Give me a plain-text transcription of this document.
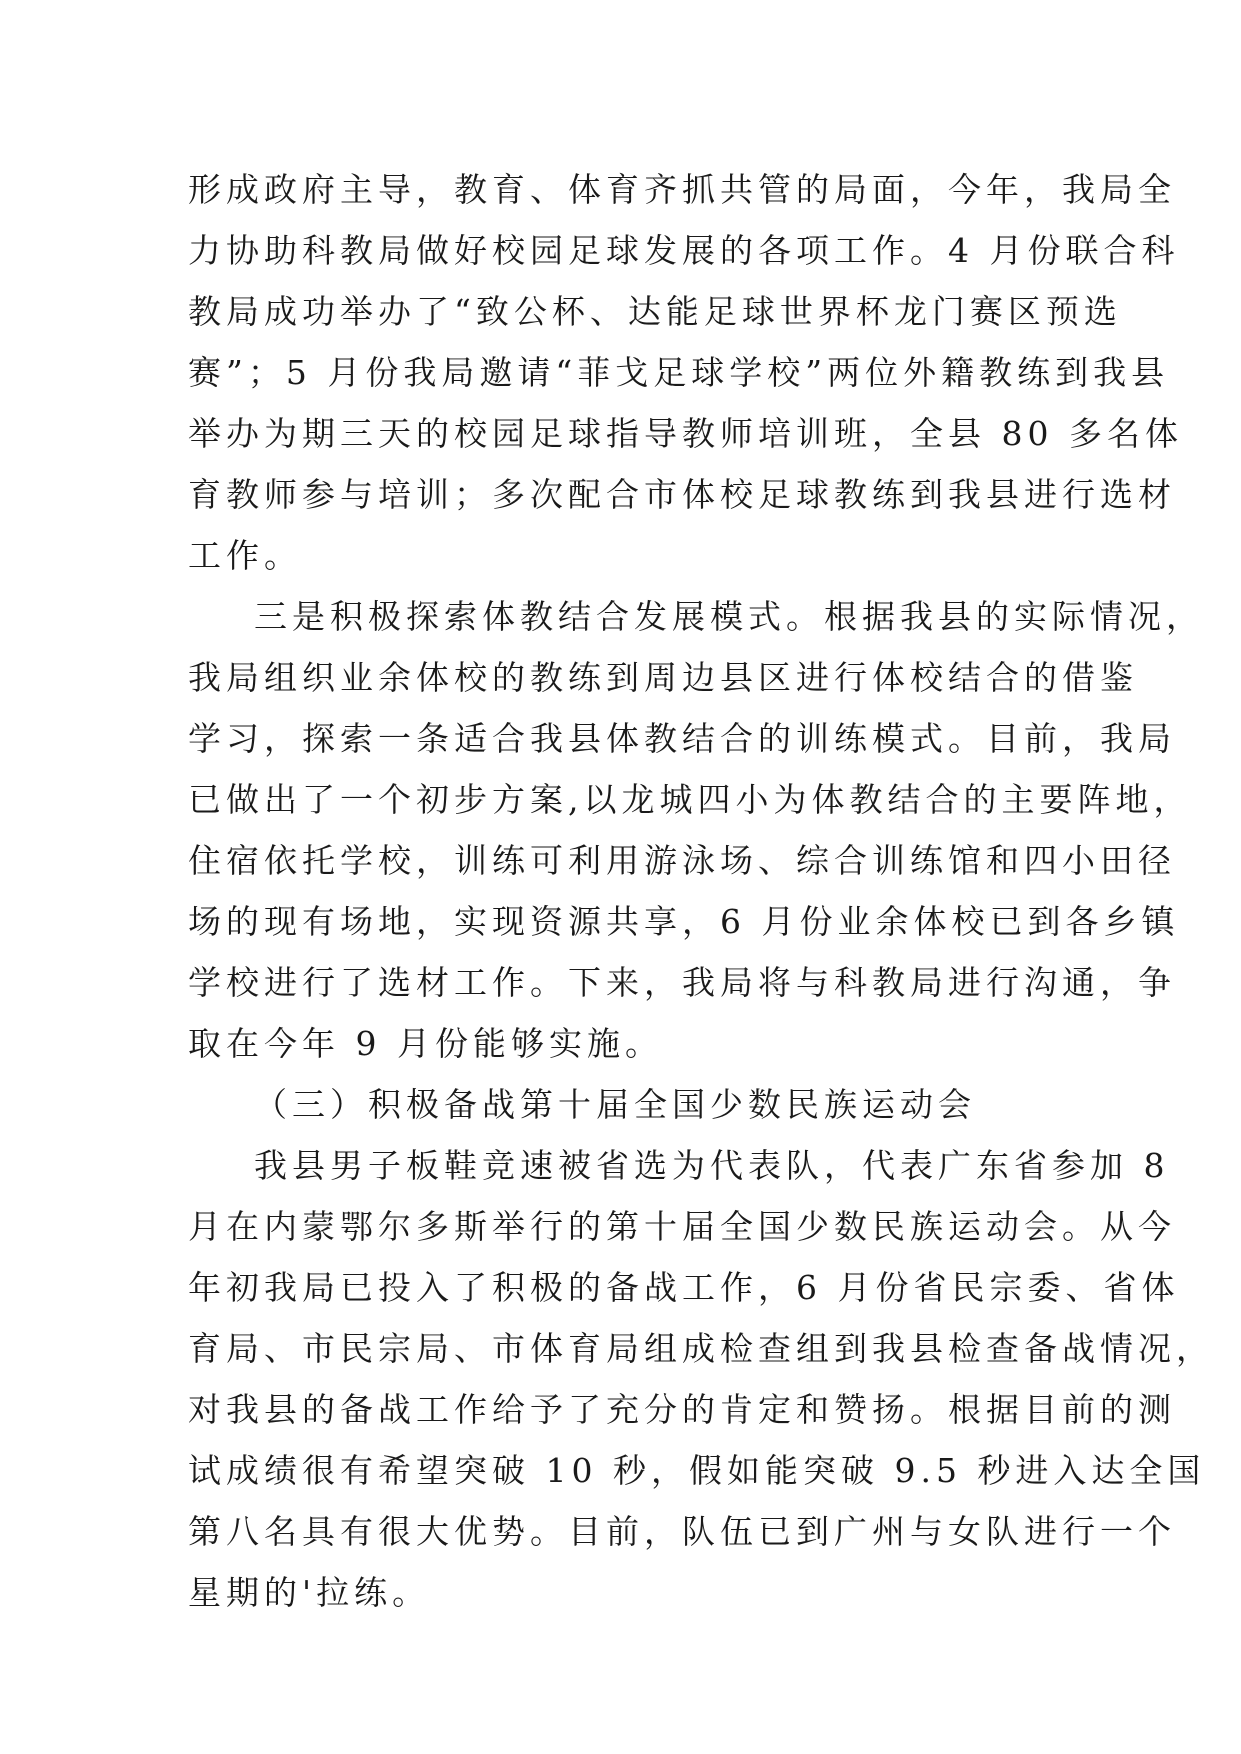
形成政府主导，教育、体育齐抓共管的局面，今年，我局全
力协助科教局做好校园足球发展的各项工作。4 月份联合科
教局成功举办了“致公杯、达能足球世界杯龙门赛区预选
赛”；5 月份我局邀请“菲戈足球学校”两位外籍教练到我县
举办为期三天的校园足球指导教师培训班，全县 80 多名体
育教师参与培训；多次配合市体校足球教练到我县进行选材
工作。
三是积极探索体教结合发展模式。根据我县的实际情况，
我局组织业余体校的教练到周边县区进行体校结合的借鉴
学习，探索一条适合我县体教结合的训练模式。目前，我局
已做出了一个初步方案,以龙城四小为体教结合的主要阵地，
住宿依托学校，训练可利用游泳场、综合训练馆和四小田径
场的现有场地，实现资源共享，6 月份业余体校已到各乡镇
学校进行了选材工作。下来，我局将与科教局进行沟通，争
取在今年 9 月份能够实施。
（三）积极备战第十届全国少数民族运动会
我县男子板鞋竞速被省选为代表队，代表广东省参加 8
月在内蒙鄂尔多斯举行的第十届全国少数民族运动会。从今
年初我局已投入了积极的备战工作，6 月份省民宗委、省体
育局、市民宗局、市体育局组成检查组到我县检查备战情况，
对我县的备战工作给予了充分的肯定和赞扬。根据目前的测
试成绩很有希望突破 10 秒，假如能突破 9.5 秒进入达全国
第八名具有很大优势。目前，队伍已到广州与女队进行一个
星期的'拉练。
